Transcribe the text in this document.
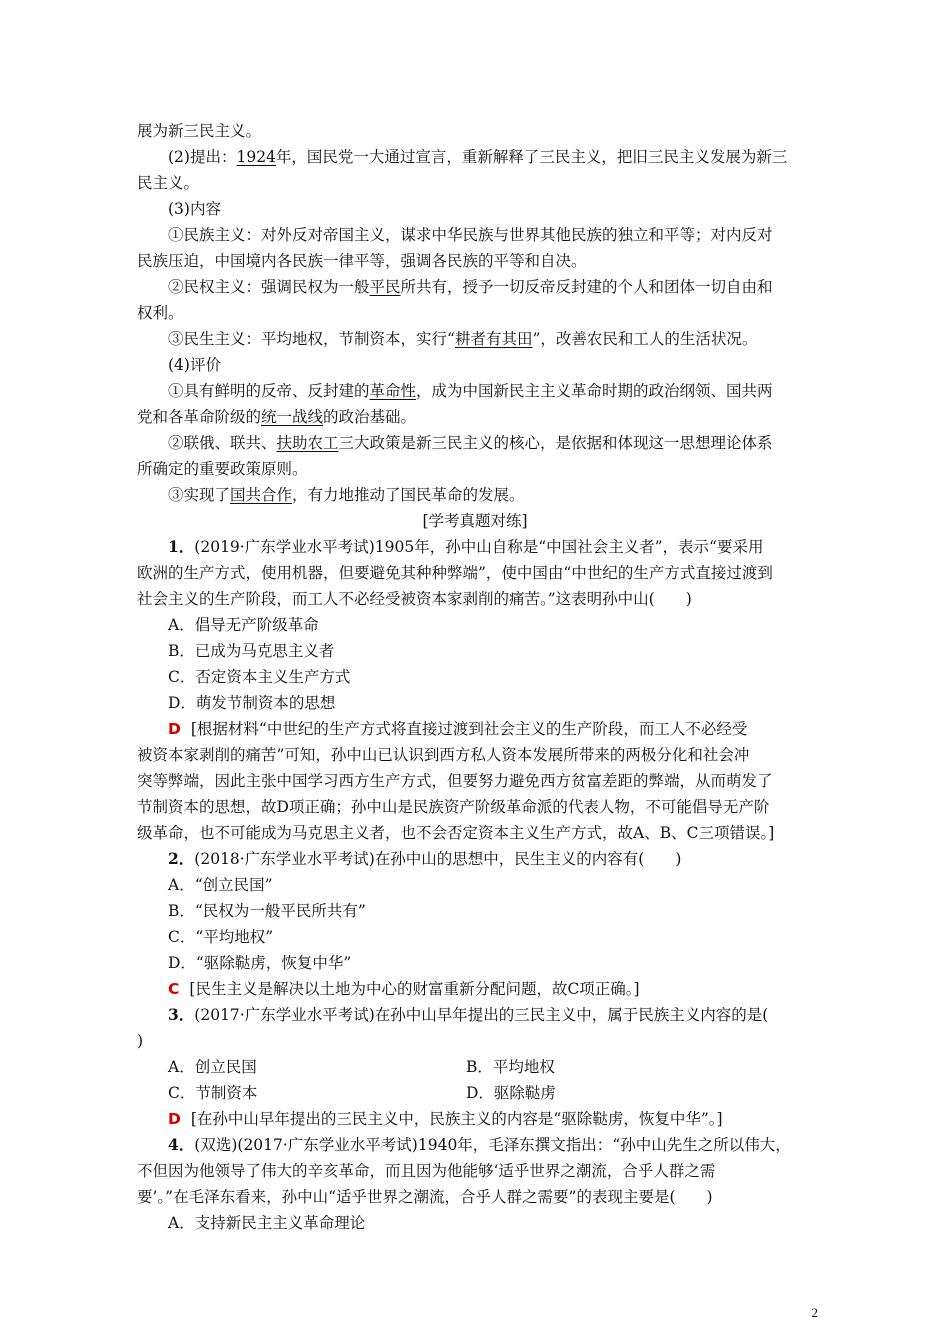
展为新三民主义。
(2)提出：1924年，国民党一大通过宣言，重新解释了三民主义，把旧三民主义发展为新三
民主义。
(3)内容
①民族主义：对外反对帝国主义，谋求中华民族与世界其他民族的独立和平等；对内反对
民族压迫，中国境内各民族一律平等，强调各民族的平等和自决。
②民权主义：强调民权为一般平民所共有，授予一切反帝反封建的个人和团体一切自由和
权利。
③民生主义：平均地权，节制资本，实行“耕者有其田”，改善农民和工人的生活状况。
(4)评价
①具有鲜明的反帝、反封建的革命性，成为中国新民主主义革命时期的政治纲领、国共两
党和各革命阶级的统一战线的政治基础。
②联俄、联共、扶助农工三大政策是新三民主义的核心，是依据和体现这一思想理论体系
所确定的重要政策原则。
③实现了国共合作，有力地推动了国民革命的发展。
[学考真题对练]
1．(2019·广东学业水平考试)1905年，孙中山自称是“中国社会主义者”，表示“要采用
欧洲的生产方式，使用机器，但要避免其种种弊端”，使中国由“中世纪的生产方式直接过渡到
社会主义的生产阶段，而工人不必经受被资本家剥削的痛苦。”这表明孙中山(　　)
A．倡导无产阶级革命
B．已成为马克思主义者
C．否定资本主义生产方式
D．萌发节制资本的思想
D [根据材料“中世纪的生产方式将直接过渡到社会主义的生产阶段，而工人不必经受
被资本家剥削的痛苦”可知，孙中山已认识到西方私人资本发展所带来的两极分化和社会冲
突等弊端，因此主张中国学习西方生产方式，但要努力避免西方贫富差距的弊端，从而萌发了
节制资本的思想，故D项正确；孙中山是民族资产阶级革命派的代表人物，不可能倡导无产阶
级革命，也不可能成为马克思主义者，也不会否定资本主义生产方式，故A、B、C三项错误。]
2．(2018·广东学业水平考试)在孙中山的思想中，民生主义的内容有(　　)
A．“创立民国”
B．“民权为一般平民所共有”
C．“平均地权”
D．“驱除鞑虏，恢复中华”
C [民生主义是解决以土地为中心的财富重新分配问题，故C项正确。]
3．(2017·广东学业水平考试)在孙中山早年提出的三民主义中，属于民族主义内容的是(
)
A．创立民国	B．平均地权
C．节制资本	D．驱除鞑虏
D [在孙中山早年提出的三民主义中，民族主义的内容是“驱除鞑虏，恢复中华”。]
4．(双选)(2017·广东学业水平考试)1940年，毛泽东撰文指出：“孙中山先生之所以伟大，
不但因为他领导了伟大的辛亥革命，而且因为他能够‘适乎世界之潮流，合乎人群之需
要’。”在毛泽东看来，孙中山“适乎世界之潮流，合乎人群之需要”的表现主要是(　　)
A．支持新民主主义革命理论
2
